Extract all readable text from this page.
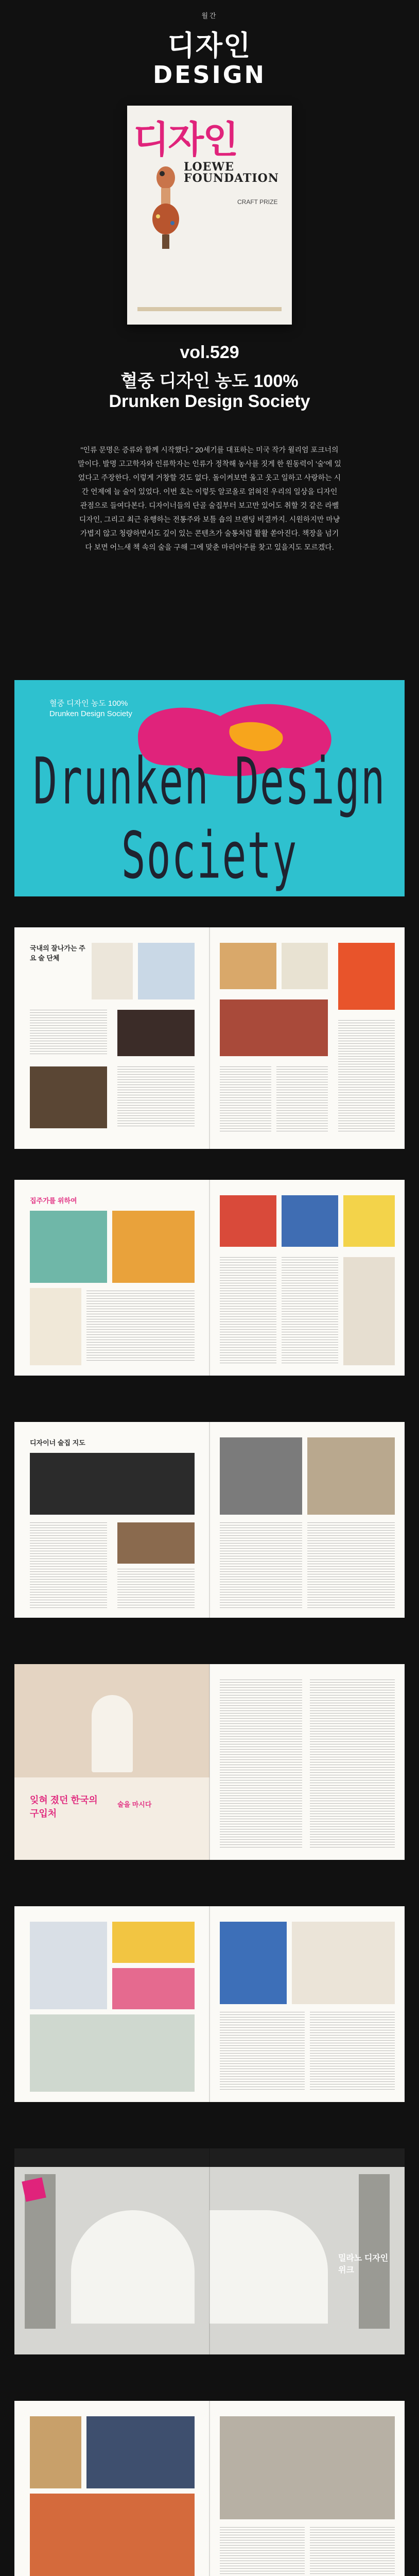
월간
디자인
DESIGN
디자인
LOEWE
FOUNDATION
CRAFT PRIZE
vol.529
혈중 디자인 농도 100%
Drunken Design Society
"인류 문명은 증류와 함께 시작했다." 20세기를 대표하는 미국 작가 윌리엄 포크너의 말이다. 발명 고고학자와 인류학자는 인류가 정착해 농사를 짓게 한 원동력이 '술'에 있었다고 주장한다. 이렇게 거창할 것도 없다. 돌이켜보면 울고 웃고 일하고 사랑하는 시간 언제에 늘 술이 있었다. 이번 호는 이렇듯 알코올로 얽혀진 우리의 일상을 디자인 관점으로 들여다본다. 디자이너들의 단골 술집부터 보고만 있어도 취할 것 같은 라벨 디자인, 그리고 최근 유행하는 전통주와 보틀 숍의 브랜딩 비결까지. 시원하지만 마냥 가볍지 않고 청량하면서도 깊이 있는 콘텐츠가 술통처럼 활활 쏟아진다. 책장을 넘기다 보면 어느새 책 속의 술을 구해 그에 맞춘 마리아주를 찾고 있을지도 모르겠다.
혈중 디자인 농도 100%
Drunken Design Society
Drunken Design Society
국내의 잘나가는 주요 술 단체
집주가를 위하여
디자이너 술집 지도
잊혀 졌던 한국의 구입처
술을 마시다
밀라노 디자인 위크
